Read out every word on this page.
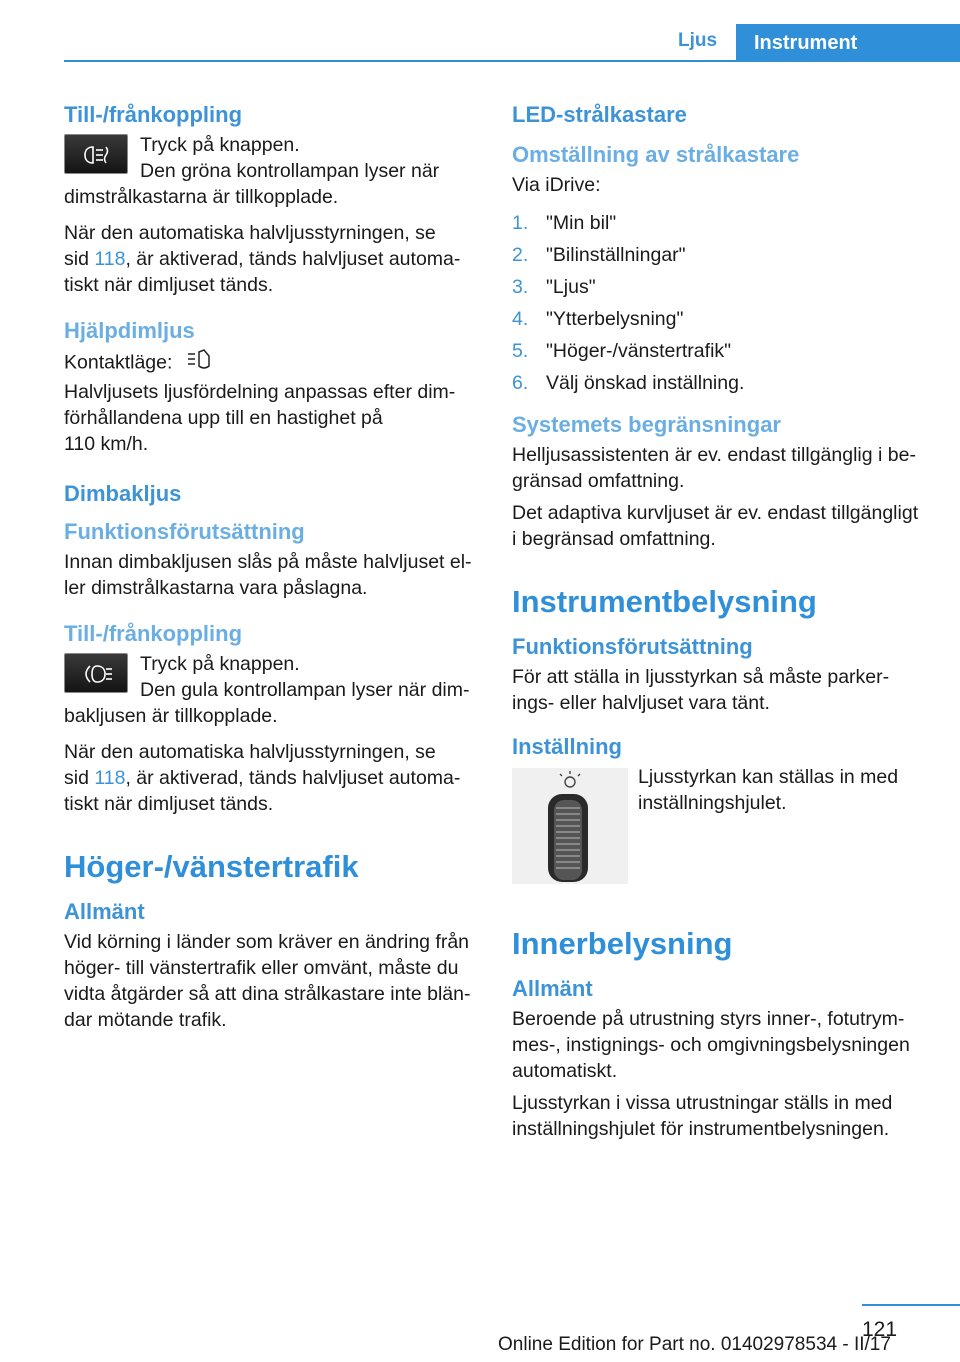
Ljus	Instrument
Till-/frånkoppling

Tryck på knappen.

Den gröna kontrollampan lyser när

dimstrålkastarna är tillkopplade.

När den automatiska halvljusstyrningen, se

sid 118, är aktiverad, tänds halvljuset automa‐

tiskt när dimljuset tänds.

Hjälpdimljus

Kontaktläge:

Halvljusets ljusfördelning anpassas efter dim‐

förhållandena upp till en hastighet på

110 km/h.

Dimbakljus
Funktionsförutsättning

Innan dimbakljusen slås på måste halvljuset el‐

ler dimstrålkastarna vara påslagna.

Till-/frånkoppling

Tryck på knappen.

Den gula kontrollampan lyser när dim‐

bakljusen är tillkopplade.

När den automatiska halvljusstyrningen, se

sid 118, är aktiverad, tänds halvljuset automa‐

tiskt när dimljuset tänds.

Höger-/vänstertrafik
Allmänt

Vid körning i länder som kräver en ändring från

höger- till vänstertrafik eller omvänt, måste du

vidta åtgärder så att dina strålkastare inte blän‐

dar mötande trafik.

LED-strålkastare
Omställning av strålkastare

Via iDrive:

1. "Min bil"
2. "Bilinställningar"
3. "Ljus"
4. "Ytterbelysning"
5. "Höger-/vänstertrafik"
6. Välj önskad inställning.
Systemets begränsningar

Helljusassistenten är ev. endast tillgänglig i be‐

gränsad omfattning.

Det adaptiva kurvljuset är ev. endast tillgängligt

i begränsad omfattning.

Instrumentbelysning
Funktionsförutsättning

För att ställa in ljusstyrkan så måste parker‐

ings- eller halvljuset vara tänt.

Inställning

Ljusstyrkan kan ställas in med

inställningshjulet.

Innerbelysning
Allmänt

Beroende på utrustning styrs inner-, fotutrym‐

mes-, instignings- och omgivningsbelysningen

automatiskt.

Ljusstyrkan i vissa utrustningar ställs in med

inställningshjulet för instrumentbelysningen.

121
Online Edition for Part no. 01402978534 - II/17
